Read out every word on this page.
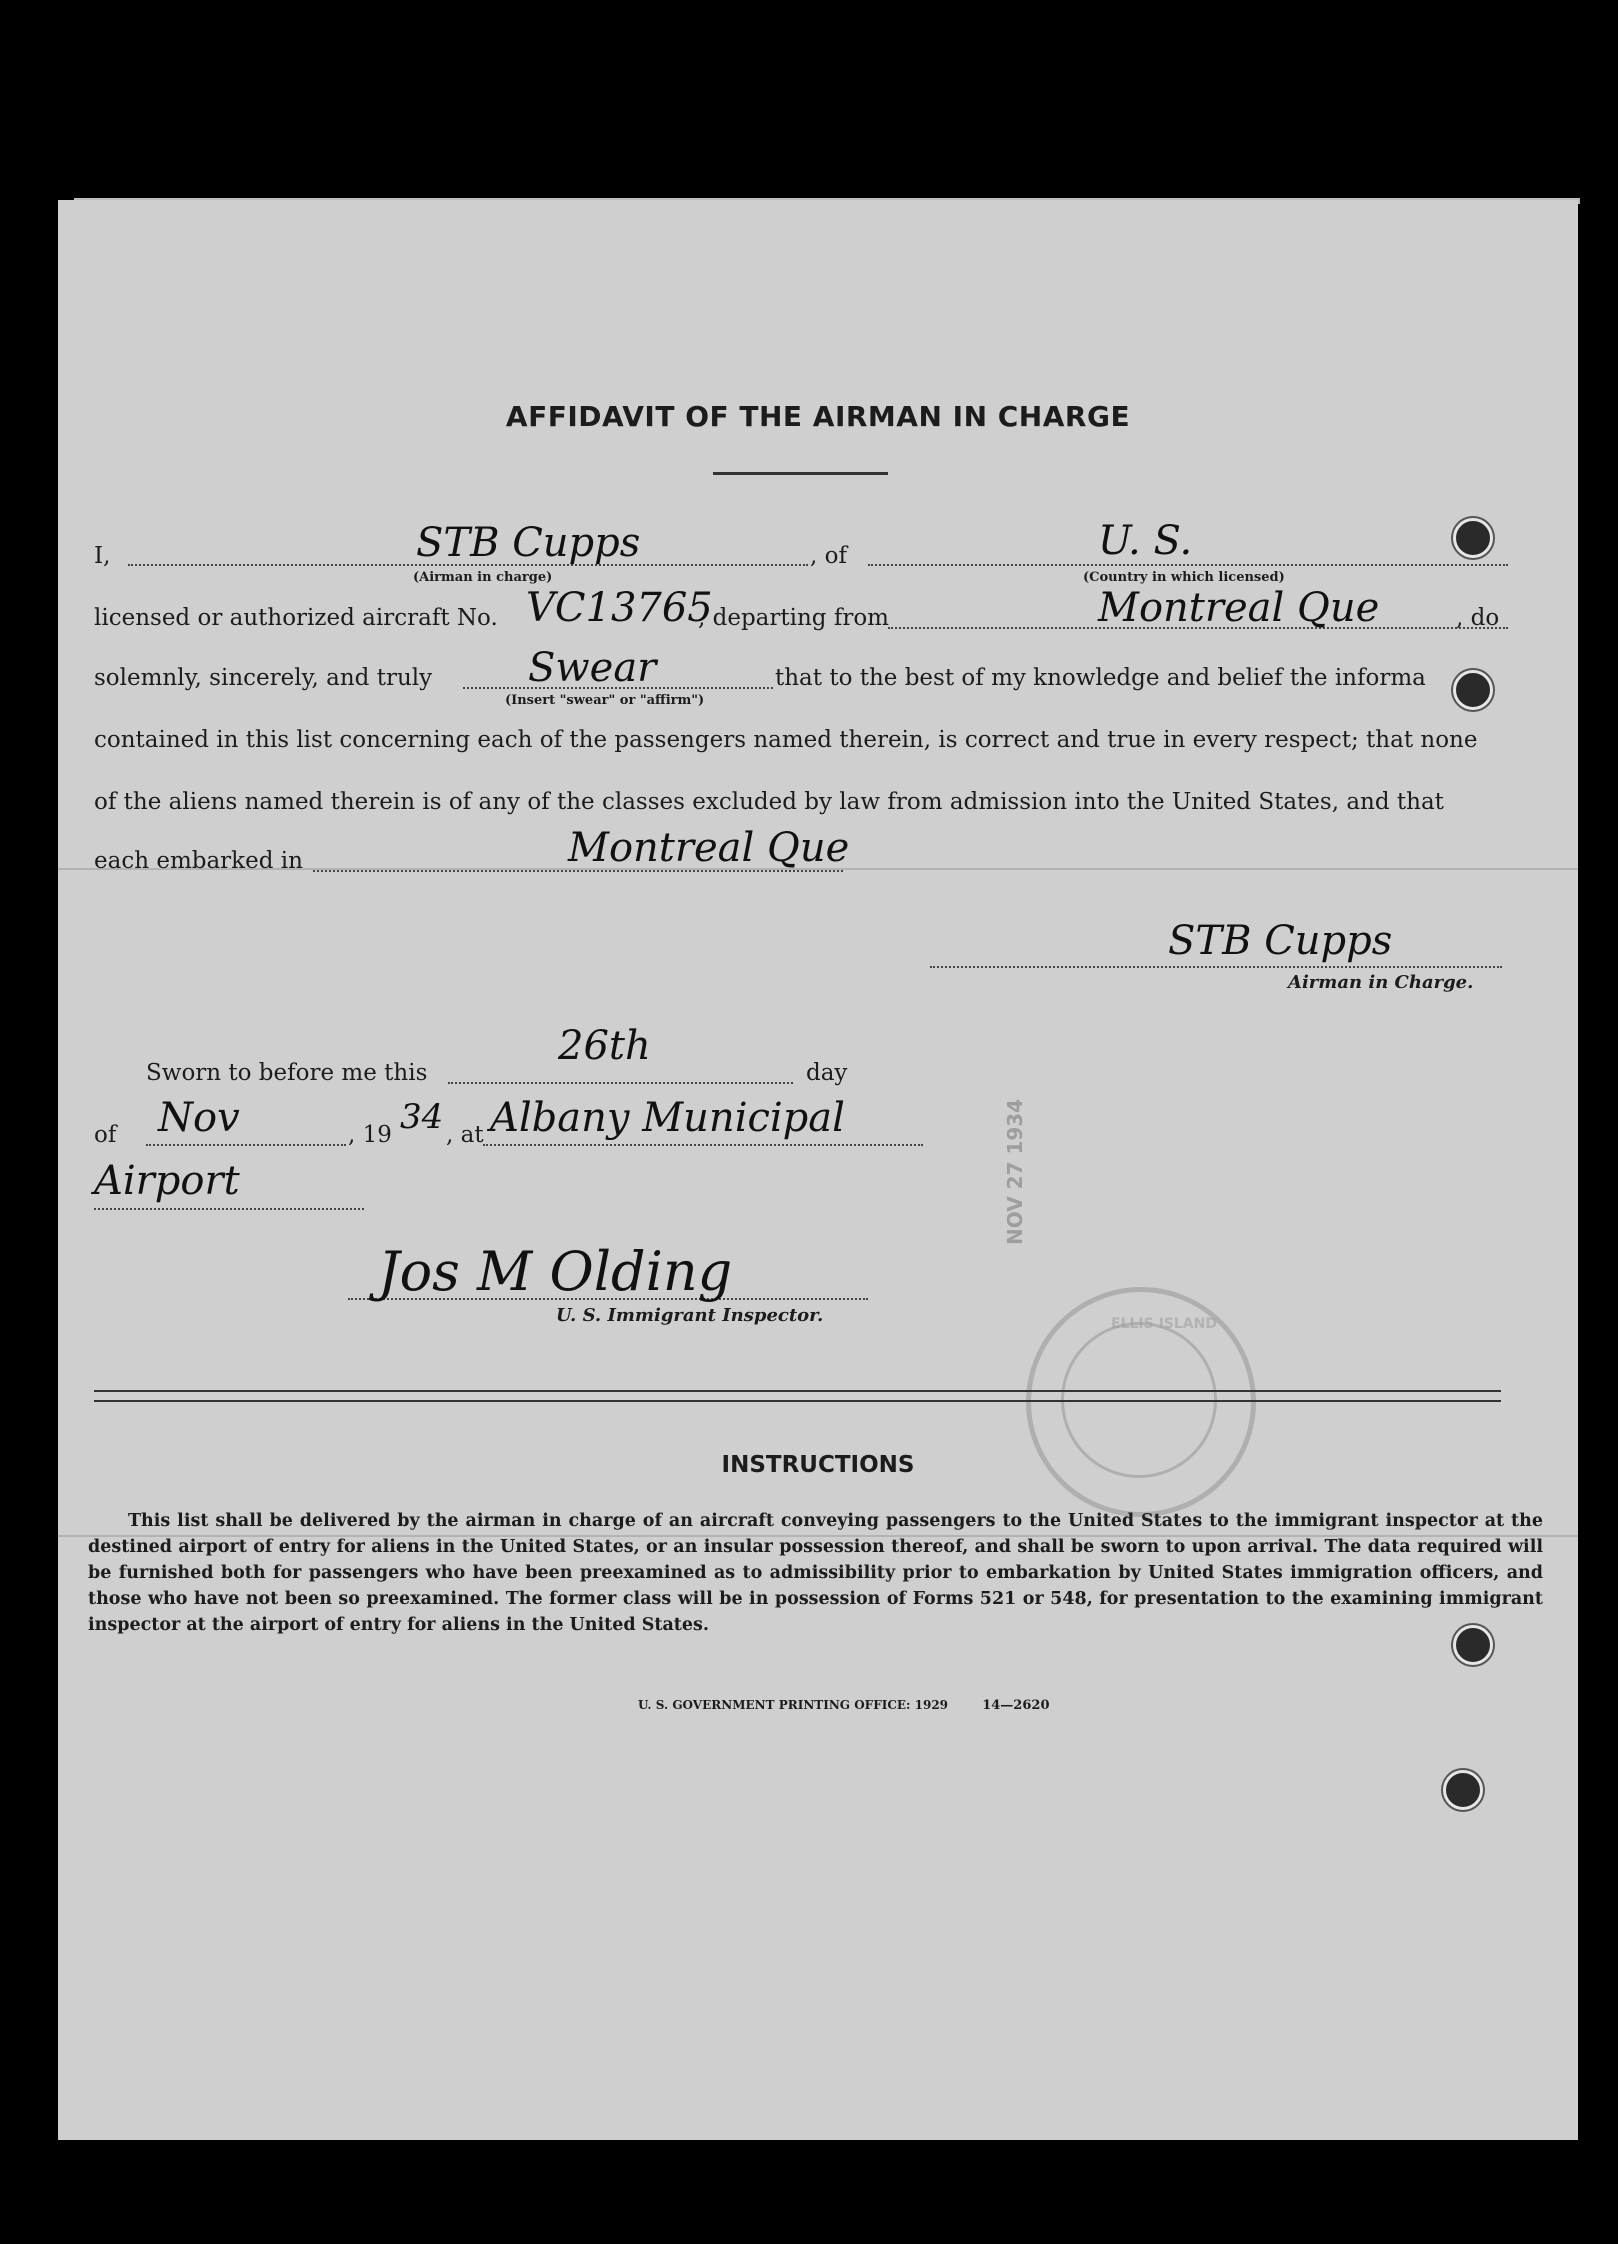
AFFIDAVIT OF THE AIRMAN IN CHARGE
I,	STB Cupps
(Airman in charge)
, of	U. S.
(Country in which licensed)
licensed or authorized aircraft No. VC13765
, departing from	Montreal Que	, do
solemnly, sincerely, and truly Swear
(Insert "swear" or "affirm")
that to the best of my knowledge and belief the informa
contained in this list concerning each of the passengers named therein, is correct and true in every respect; that none
of the aliens named therein is of any of the classes excluded by law from admission into the United States, and that
each embarked in	Montreal Que
STB Cupps
Airman in Charge.
Sworn to before me this
26th
day
of Nov	, 19 34 , at Albany Municipal
Airport
Jos M Olding
U. S. Immigrant Inspector.	ELLIS ISLAND
NOV 27 1934
INSTRUCTIONS

This list shall be delivered by the airman in charge of an aircraft conveying passengers to the United States to the immigrant inspector at the destined airport of entry for aliens in the United States, or an insular possession thereof, and shall be sworn to upon arrival. The data required will be furnished both for passengers who have been preexamined as to admissibility prior to embarkation by United States immigration officers, and those who have not been so preexamined. The former class will be in possession of Forms 521 or 548, for presentation to the examining immigrant inspector at the airport of entry for aliens in the United States.

U. S. GOVERNMENT PRINTING OFFICE: 1929	14—2620
